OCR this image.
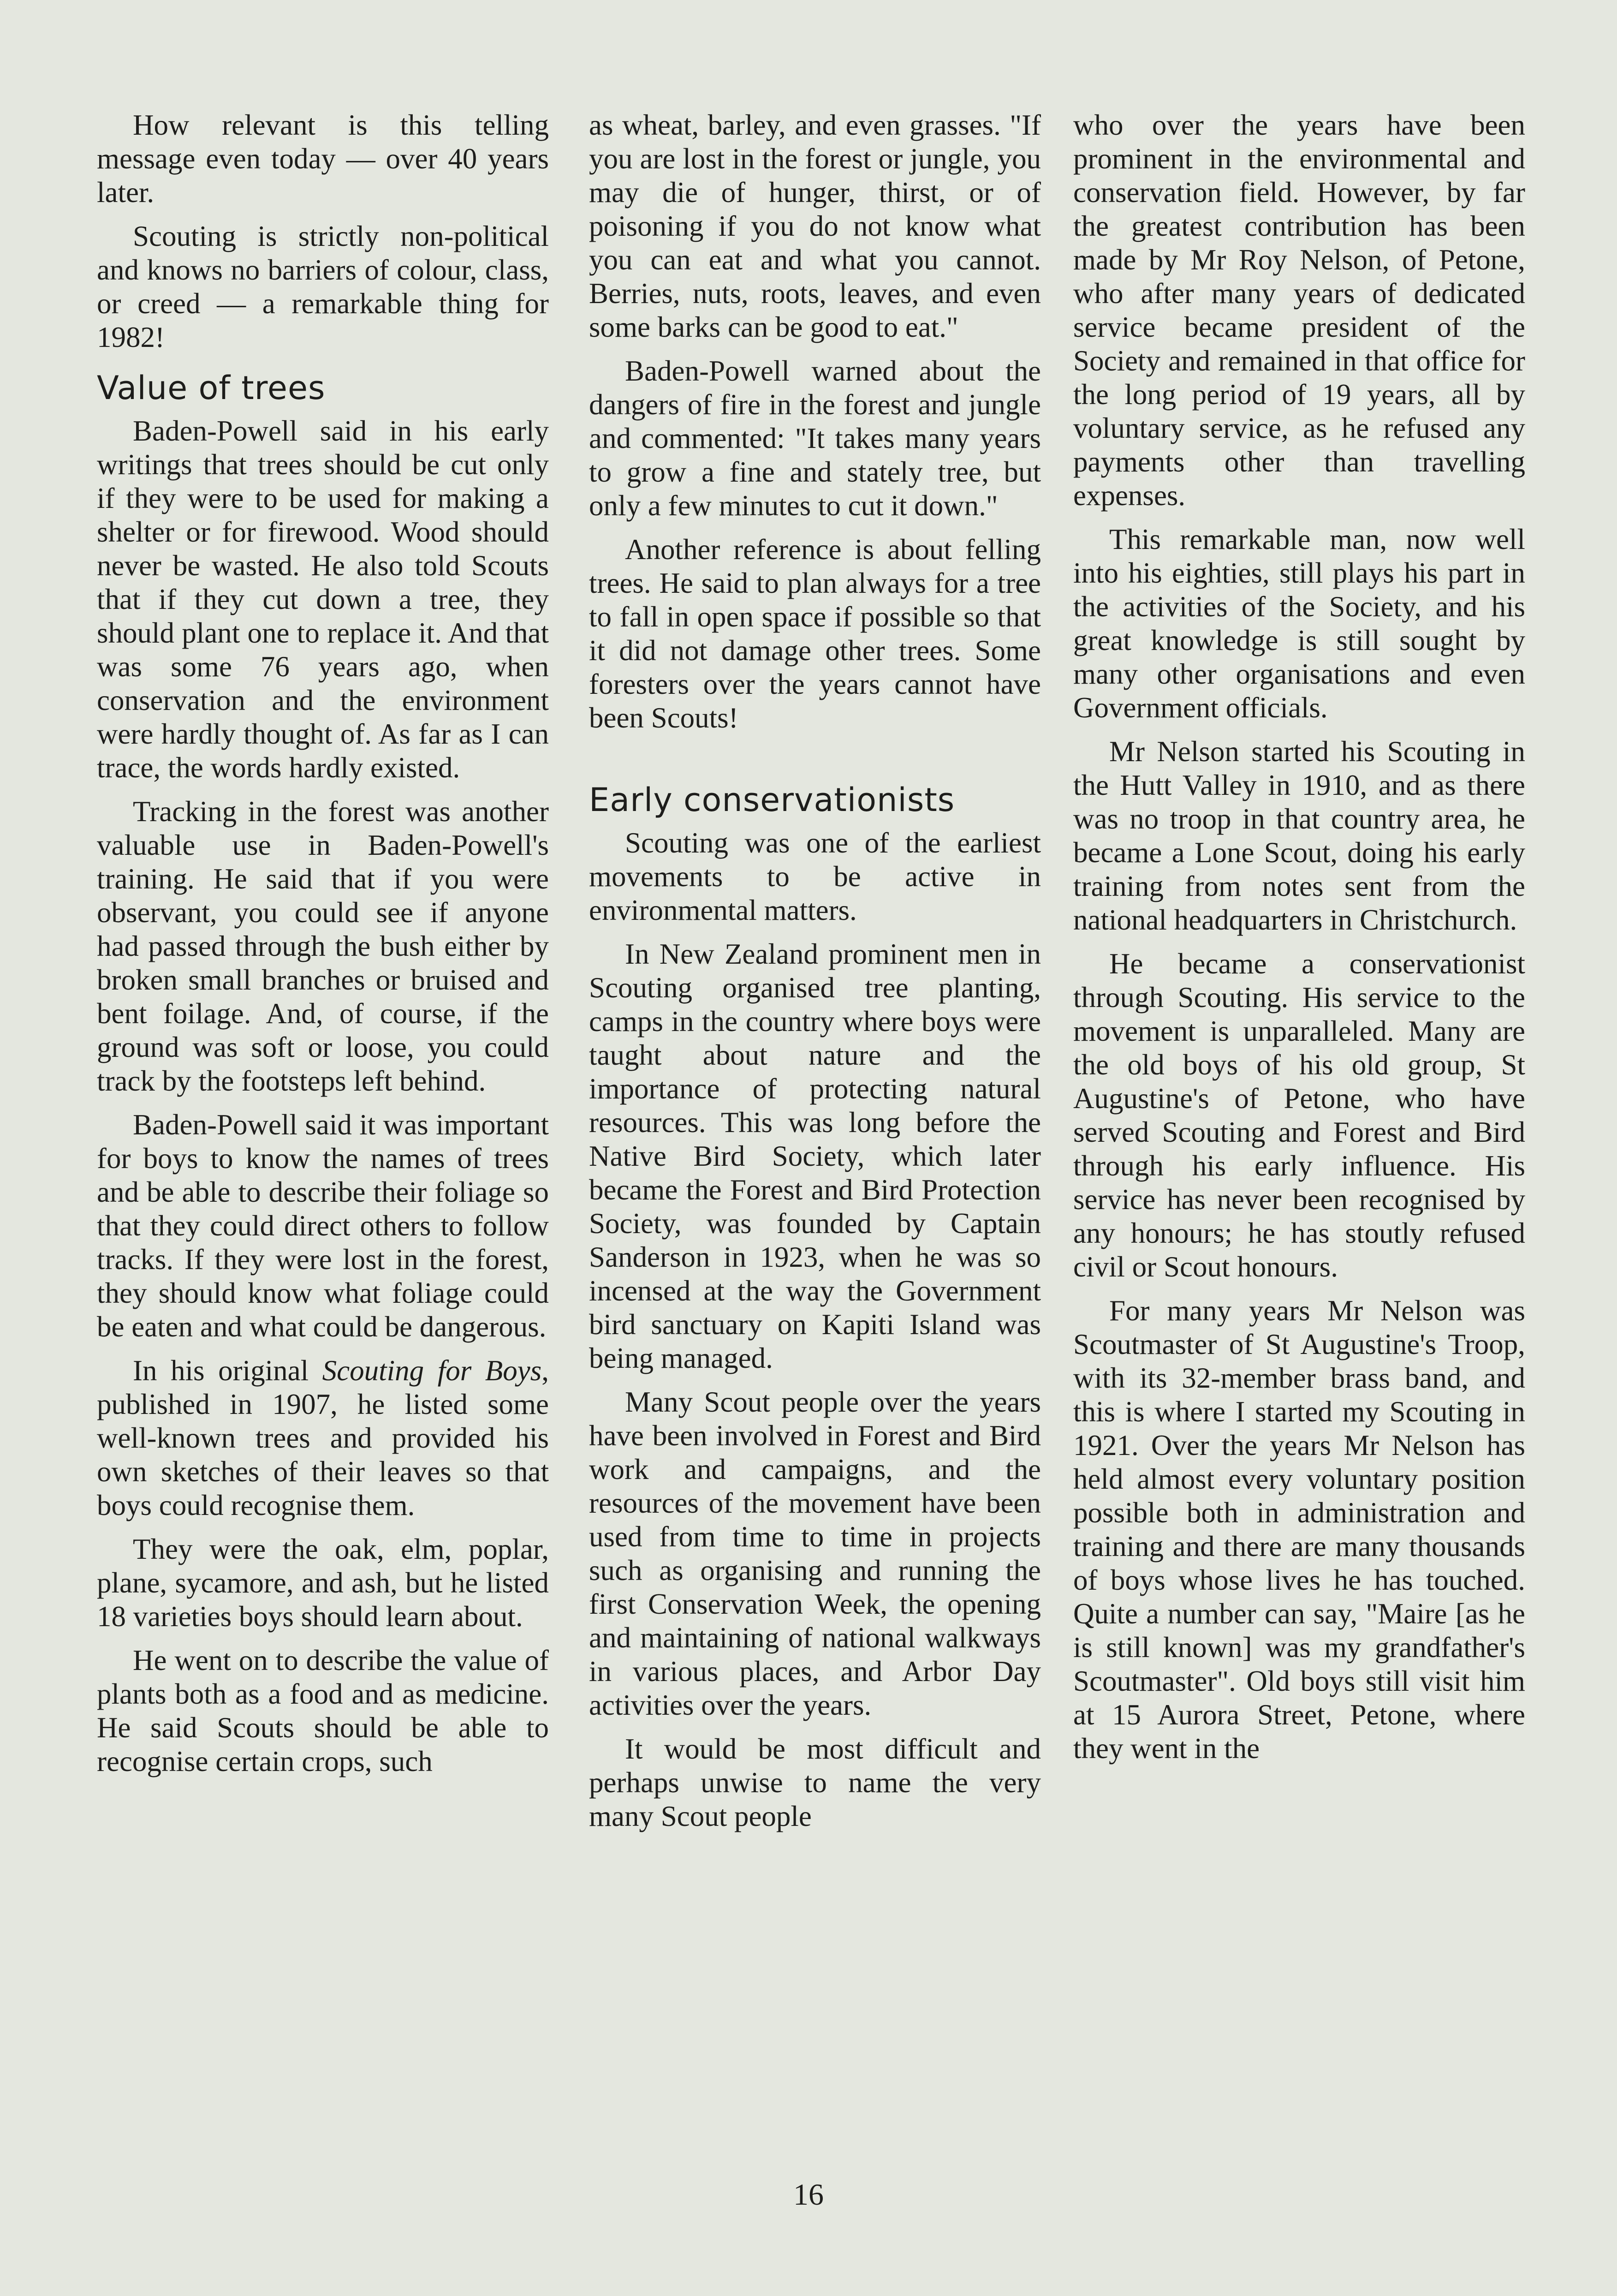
How relevant is this telling message even today — over 40 years later.

Scouting is strictly non-political and knows no barriers of colour, class, or creed — a remarkable thing for 1982!

Value of trees

Baden-Powell said in his early writings that trees should be cut only if they were to be used for making a shelter or for firewood. Wood should never be wasted. He also told Scouts that if they cut down a tree, they should plant one to replace it. And that was some 76 years ago, when conservation and the environment were hardly thought of. As far as I can trace, the words hardly existed.

Tracking in the forest was another valuable use in Baden-Powell's training. He said that if you were observant, you could see if anyone had passed through the bush either by broken small branches or bruised and bent foilage. And, of course, if the ground was soft or loose, you could track by the footsteps left behind.

Baden-Powell said it was important for boys to know the names of trees and be able to describe their foliage so that they could direct others to follow tracks. If they were lost in the forest, they should know what foliage could be eaten and what could be dangerous.

In his original Scouting for Boys, published in 1907, he listed some well-known trees and provided his own sketches of their leaves so that boys could recognise them.

They were the oak, elm, poplar, plane, sycamore, and ash, but he listed 18 varieties boys should learn about.

He went on to describe the value of plants both as a food and as medicine. He said Scouts should be able to recognise certain crops, such

as wheat, barley, and even grasses. "If you are lost in the forest or jungle, you may die of hunger, thirst, or of poisoning if you do not know what you can eat and what you cannot. Berries, nuts, roots, leaves, and even some barks can be good to eat."

Baden-Powell warned about the dangers of fire in the forest and jungle and commented: "It takes many years to grow a fine and stately tree, but only a few minutes to cut it down."

Another reference is about felling trees. He said to plan always for a tree to fall in open space if possible so that it did not damage other trees. Some foresters over the years cannot have been Scouts!

Early conservationists

Scouting was one of the earliest movements to be active in environmental matters.

In New Zealand prominent men in Scouting organised tree planting, camps in the country where boys were taught about nature and the importance of protecting natural resources. This was long before the Native Bird Society, which later became the Forest and Bird Protection Society, was founded by Captain Sanderson in 1923, when he was so incensed at the way the Government bird sanctuary on Kapiti Island was being managed.

Many Scout people over the years have been involved in Forest and Bird work and campaigns, and the resources of the movement have been used from time to time in projects such as organising and running the first Conservation Week, the opening and maintaining of national walkways in various places, and Arbor Day activities over the years.

It would be most difficult and perhaps unwise to name the very many Scout people

who over the years have been prominent in the environmental and conservation field. However, by far the greatest contribution has been made by Mr Roy Nelson, of Petone, who after many years of dedicated service became president of the Society and remained in that office for the long period of 19 years, all by voluntary service, as he refused any payments other than travelling expenses.

This remarkable man, now well into his eighties, still plays his part in the activities of the Society, and his great knowledge is still sought by many other organisations and even Government officials.

Mr Nelson started his Scouting in the Hutt Valley in 1910, and as there was no troop in that country area, he became a Lone Scout, doing his early training from notes sent from the national headquarters in Christchurch.

He became a conservationist through Scouting. His service to the movement is unparalleled. Many are the old boys of his old group, St Augustine's of Petone, who have served Scouting and Forest and Bird through his early influence. His service has never been recognised by any honours; he has stoutly refused civil or Scout honours.

For many years Mr Nelson was Scoutmaster of St Augustine's Troop, with its 32-member brass band, and this is where I started my Scouting in 1921. Over the years Mr Nelson has held almost every voluntary position possible both in administration and training and there are many thousands of boys whose lives he has touched. Quite a number can say, "Maire [as he is still known] was my grandfather's Scoutmaster". Old boys still visit him at 15 Aurora Street, Petone, where they went in the

16
